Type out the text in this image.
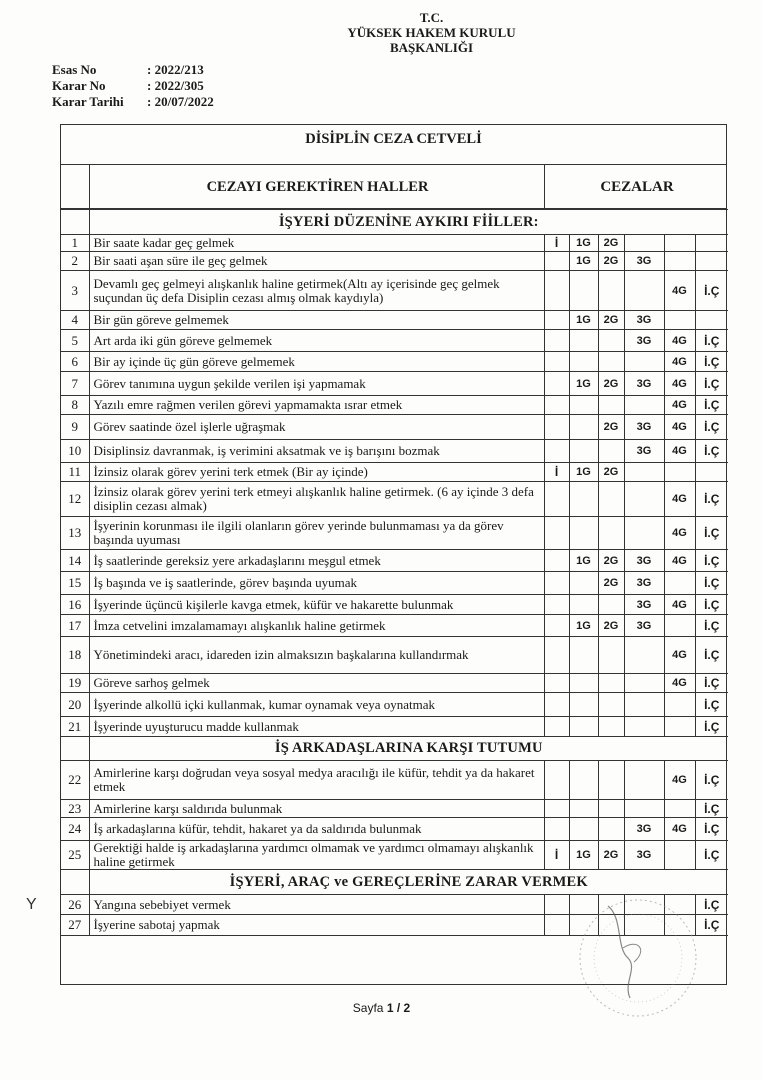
T.C.
YÜKSEK HAKEM KURULU
BAŞKANLIĞI
Esas No	: 2022/213
Karar No	: 2022/305
Karar Tarihi	: 20/07/2022
DİSİPLİN CEZA CETVELİ
CEZAYI GEREKTİREN HALLER	CEZALAR
	İŞYERİ DÜZENİNE AYKIRI FİİLLER:						
1	Bir saate kadar geç gelmek	İ	1G	2G			
2	Bir saati aşan süre ile geç gelmek		1G	2G	3G		
3	Devamlı geç gelmeyi alışkanlık haline getirmek(Altı ay içerisinde geç gelmek suçundan üç defa Disiplin cezası almış olmak kaydıyla)					4G	İ.Ç
4	Bir gün göreve gelmemek		1G	2G	3G		
5	Art arda iki gün göreve gelmemek				3G	4G	İ.Ç
6	Bir ay içinde üç gün göreve gelmemek					4G	İ.Ç
7	Görev tanımına uygun şekilde verilen işi yapmamak		1G	2G	3G	4G	İ.Ç
8	Yazılı emre rağmen verilen görevi yapmamakta ısrar etmek					4G	İ.Ç
9	Görev saatinde özel işlerle uğraşmak			2G	3G	4G	İ.Ç
10	Disiplinsiz davranmak, iş verimini aksatmak ve iş barışını bozmak				3G	4G	İ.Ç
11	İzinsiz olarak görev yerini terk etmek (Bir ay içinde)	İ	1G	2G			
12	İzinsiz olarak görev yerini terk etmeyi alışkanlık haline getirmek. (6 ay içinde 3 defa disiplin cezası almak)					4G	İ.Ç
13	İşyerinin korunması ile ilgili olanların görev yerinde bulunmaması ya da görev başında uyuması					4G	İ.Ç
14	İş saatlerinde gereksiz yere arkadaşlarını meşgul etmek		1G	2G	3G	4G	İ.Ç
15	İş başında ve iş saatlerinde, görev başında uyumak			2G	3G		İ.Ç
16	İşyerinde üçüncü kişilerle kavga etmek, küfür ve hakarette bulunmak				3G	4G	İ.Ç
17	İmza cetvelini imzalamamayı alışkanlık haline getirmek		1G	2G	3G		İ.Ç
18	Yönetimindeki aracı, idareden izin almaksızın başkalarına kullandırmak					4G	İ.Ç
19	Göreve sarhoş gelmek					4G	İ.Ç
20	İşyerinde alkollü içki kullanmak, kumar oynamak veya oynatmak						İ.Ç
21	İşyerinde uyuşturucu madde kullanmak						İ.Ç
	İŞ ARKADAŞLARINA KARŞI TUTUMU						
22	Amirlerine karşı doğrudan veya sosyal medya aracılığı ile küfür, tehdit ya da hakaret etmek					4G	İ.Ç
23	Amirlerine karşı saldırıda bulunmak						İ.Ç
24	İş arkadaşlarına küfür, tehdit, hakaret ya da saldırıda bulunmak				3G	4G	İ.Ç
25	Gerektiği halde iş arkadaşlarına yardımcı olmamak ve yardımcı olmamayı alışkanlık haline getirmek	İ	1G	2G	3G		İ.Ç
	İŞYERİ, ARAÇ ve GEREÇLERİNE ZARAR VERMEK						
26	Yangına sebebiyet vermek						İ.Ç
27	İşyerine sabotaj yapmak						İ.Ç
Y
Sayfa 1 / 2
